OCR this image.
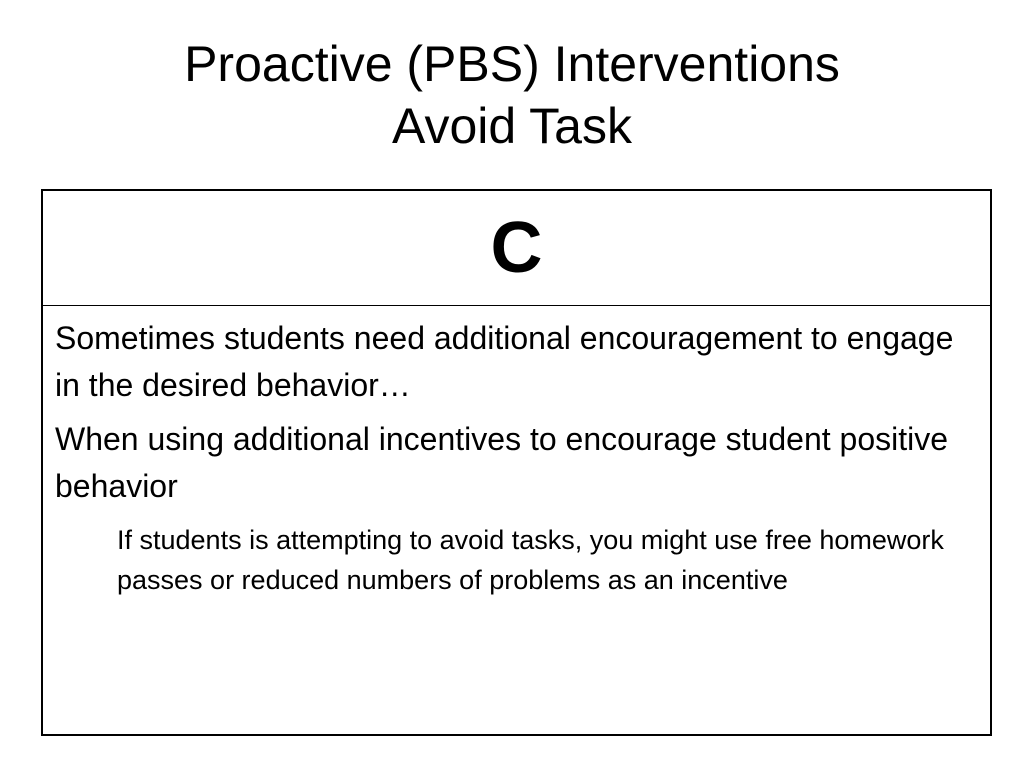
Proactive (PBS) Interventions
Avoid Task
C

Sometimes students need additional encouragement to engage in the desired behavior…

When using additional incentives to encourage student positive behavior

If students is attempting to avoid tasks, you might use free homework passes or reduced numbers of problems as an incentive
